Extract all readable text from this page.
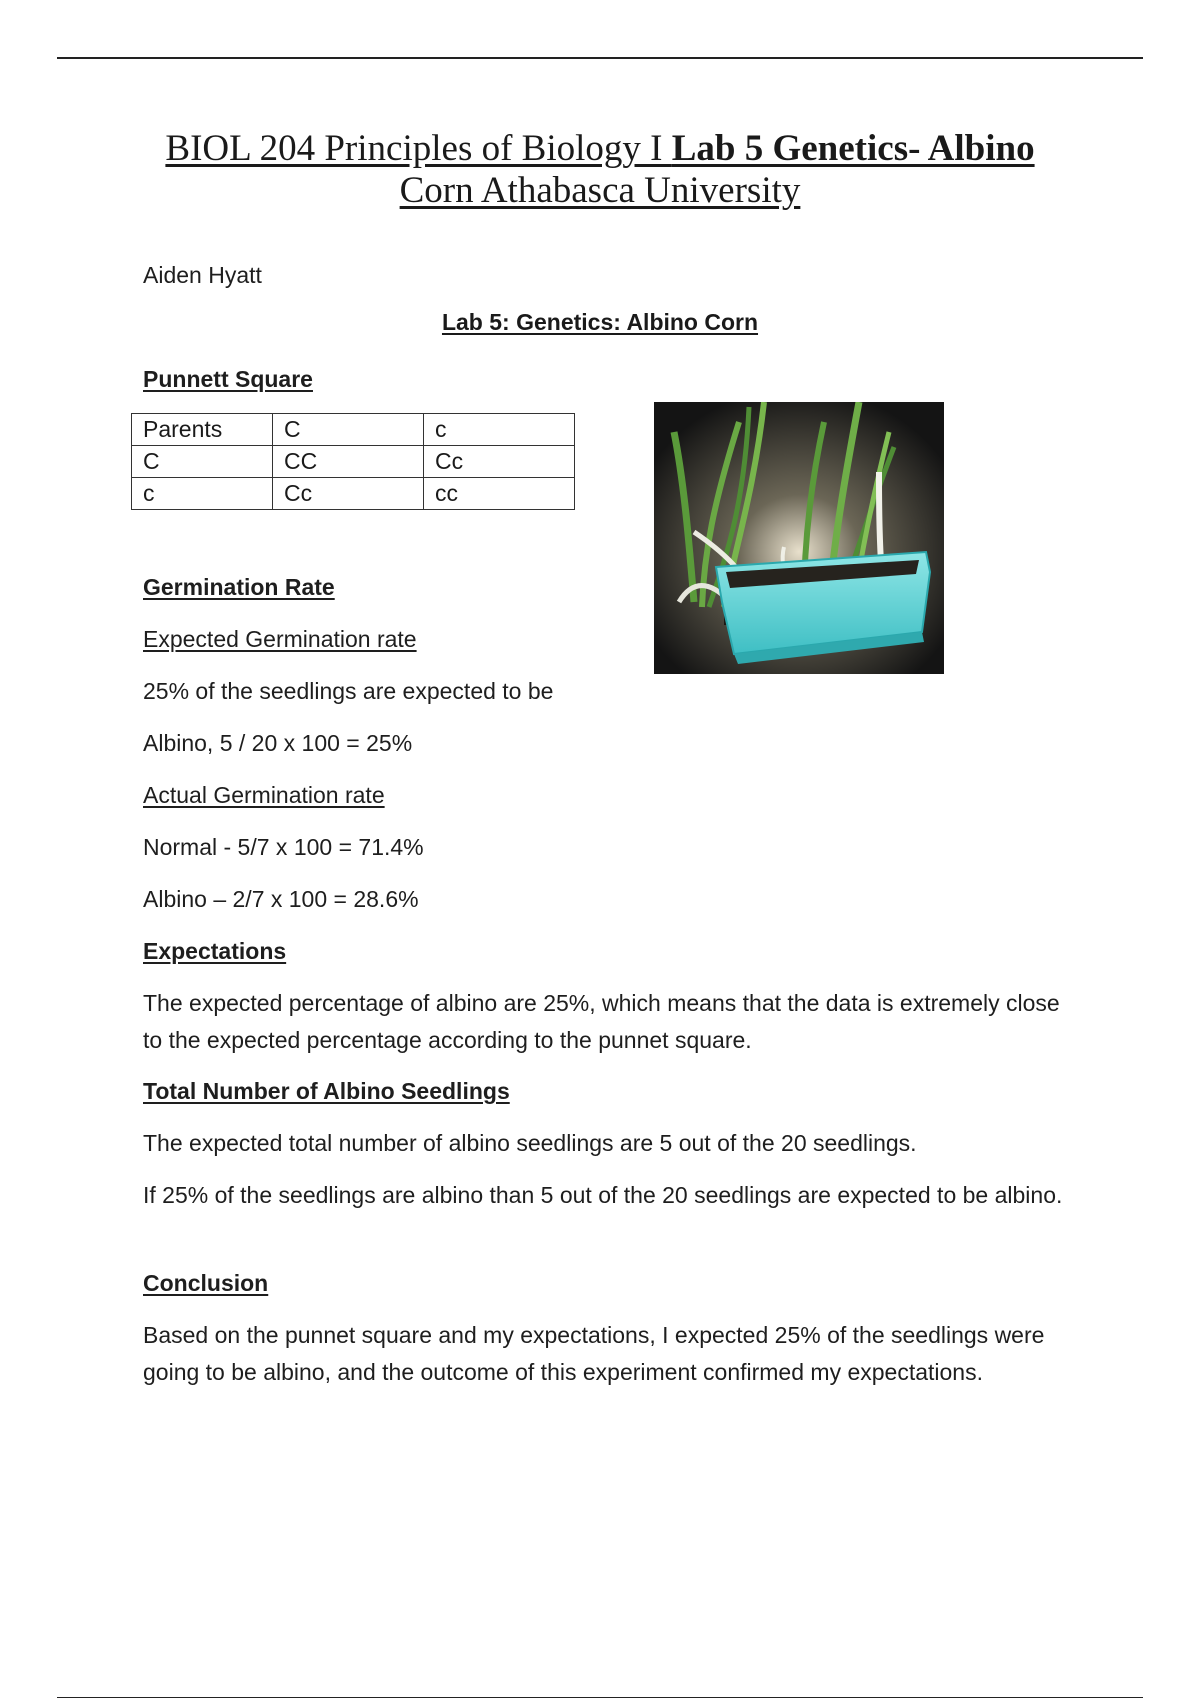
BIOL 204 Principles of Biology I Lab 5 Genetics- Albino
Corn Athabasca University
Aiden Hyatt
Lab 5: Genetics: Albino Corn
Punnett Square
Parents	C	c
C	CC	Cc
c	Cc	cc
Germination Rate
Expected Germination rate
25% of the seedlings are expected to be
Albino, 5 / 20 x 100 = 25%
Actual Germination rate
Normal - 5/7 x 100 = 71.4%
Albino – 2/7 x 100 = 28.6%
Expectations
The expected percentage of albino are 25%, which means that the data is extremely close to the expected percentage according to the punnet square.
Total Number of Albino Seedlings
The expected total number of albino seedlings are 5 out of the 20 seedlings.
If 25% of the seedlings are albino than 5 out of the 20 seedlings are expected to be albino.
Conclusion
Based on the punnet square and my expectations, I expected 25% of the seedlings were going to be albino, and the outcome of this experiment confirmed my expectations.
